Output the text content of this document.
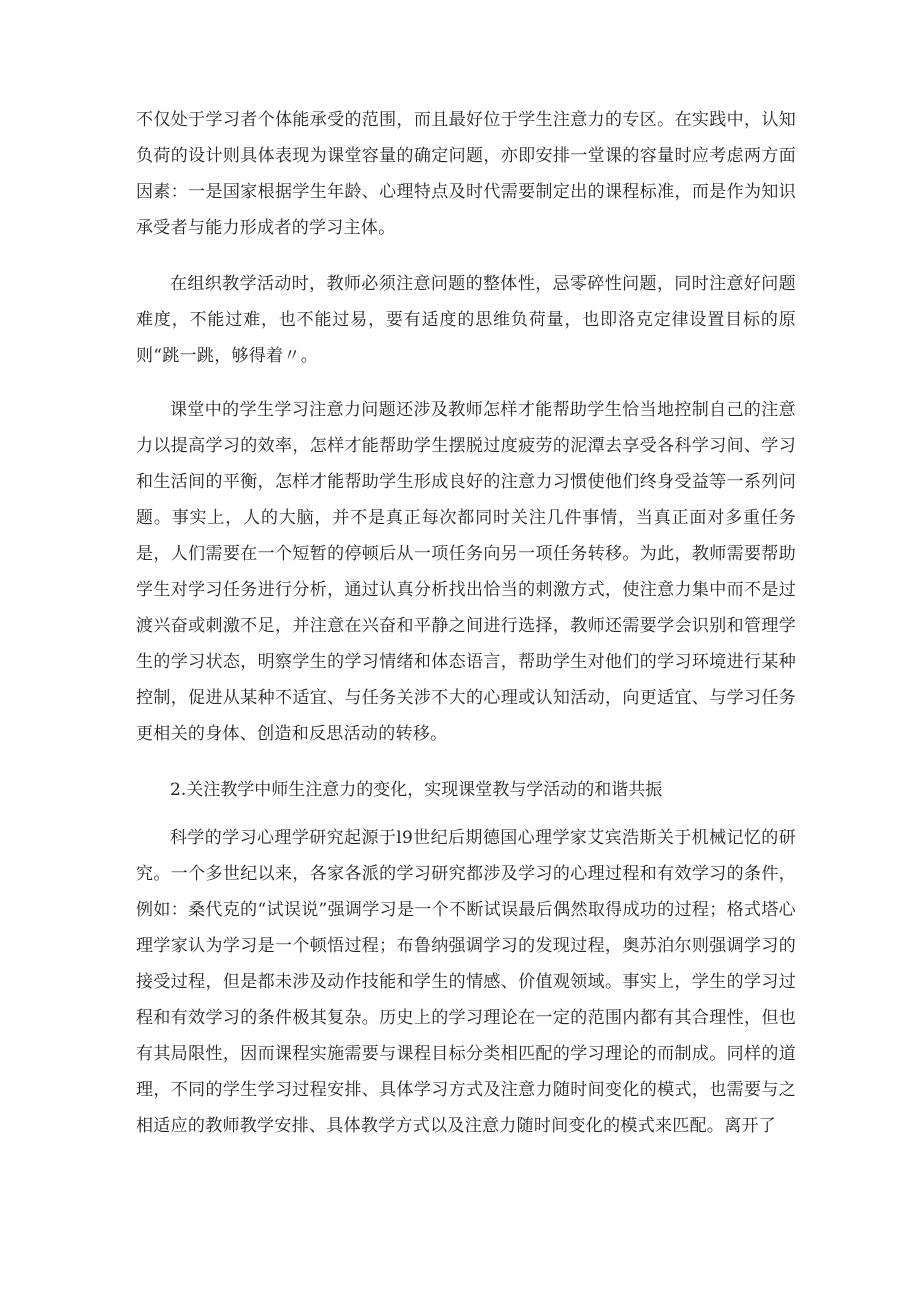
不仅处于学习者个体能承受的范围，而且最好位于学生注意力的专区。在实践中，认知负荷的设计则具体表现为课堂容量的确定问题，亦即安排一堂课的容量时应考虑两方面因素：一是国家根据学生年龄、心理特点及时代需要制定出的课程标准，而是作为知识承受者与能力形成者的学习主体。

在组织教学活动时，教师必须注意问题的整体性，忌零碎性问题，同时注意好问题难度，不能过难，也不能过易，要有适度的思维负荷量，也即洛克定律设置目标的原则“跳一跳，够得着〃。

课堂中的学生学习注意力问题还涉及教师怎样才能帮助学生恰当地控制自己的注意力以提高学习的效率，怎样才能帮助学生摆脱过度疲劳的泥潭去享受各科学习间、学习和生活间的平衡，怎样才能帮助学生形成良好的注意力习惯使他们终身受益等一系列问题。事实上，人的大脑，并不是真正每次都同时关注几件事情，当真正面对多重任务是，人们需要在一个短暂的停顿后从一项任务向另一项任务转移。为此，教师需要帮助学生对学习任务进行分析，通过认真分析找出恰当的刺激方式，使注意力集中而不是过渡兴奋或刺激不足，并注意在兴奋和平静之间进行选择，教师还需要学会识别和管理学生的学习状态，明察学生的学习情绪和体态语言，帮助学生对他们的学习环境进行某种控制，促进从某种不适宜、与任务关涉不大的心理或认知活动，向更适宜、与学习任务更相关的身体、创造和反思活动的转移。

2.关注教学中师生注意力的变化，实现课堂教与学活动的和谐共振

科学的学习心理学研究起源于l9世纪后期德国心理学家艾宾浩斯关于机械记忆的研究。一个多世纪以来，各家各派的学习研究都涉及学习的心理过程和有效学习的条件，例如：桑代克的“试误说”强调学习是一个不断试误最后偶然取得成功的过程；格式塔心理学家认为学习是一个顿悟过程；布鲁纳强调学习的发现过程，奥苏泊尔则强调学习的接受过程，但是都未涉及动作技能和学生的情感、价值观领域。事实上，学生的学习过程和有效学习的条件极其复杂。历史上的学习理论在一定的范围内都有其合理性，但也有其局限性，因而课程实施需要与课程目标分类相匹配的学习理论的而制成。同样的道理，不同的学生学习过程安排、具体学习方式及注意力随时间变化的模式，也需要与之相适应的教师教学安排、具体教学方式以及注意力随时间变化的模式来匹配。离开了
